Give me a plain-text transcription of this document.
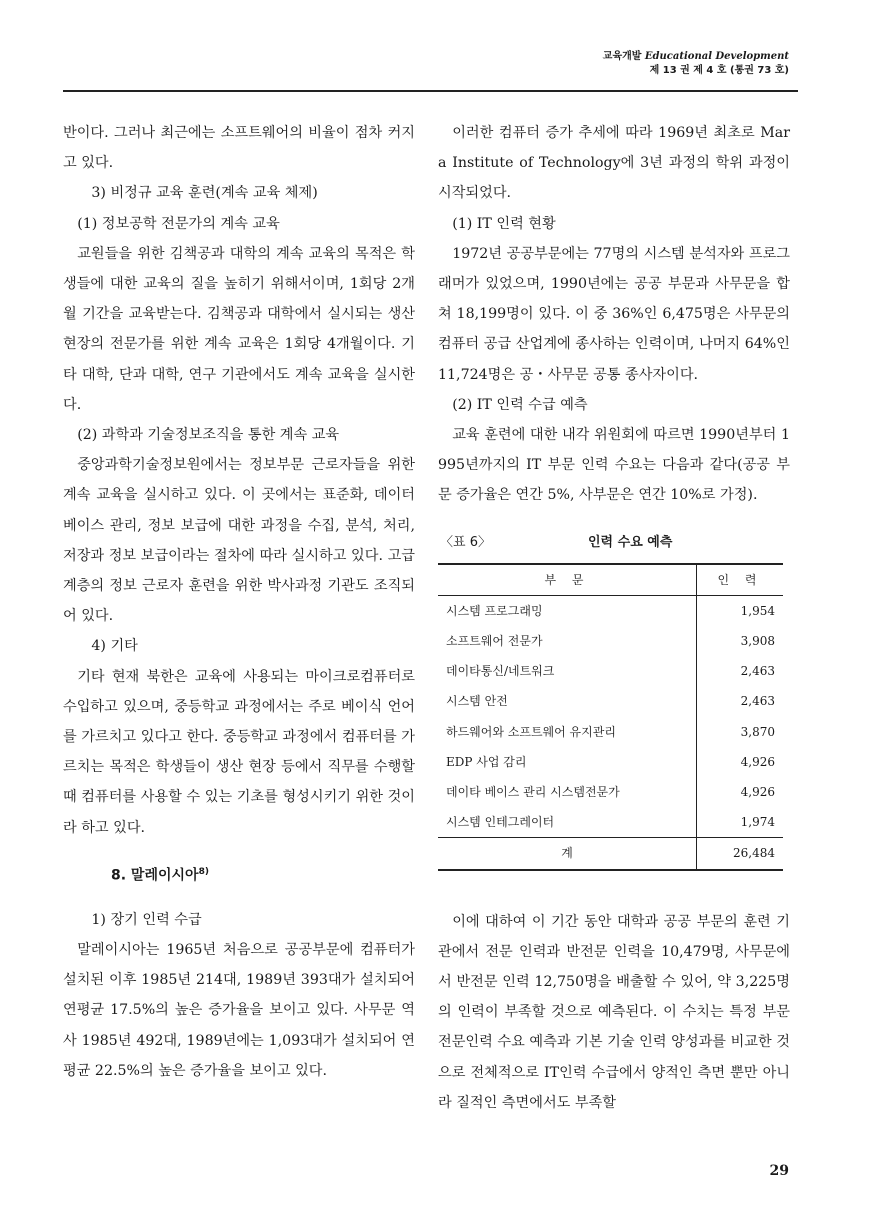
교육개발 Educational Development
제 13 권 제 4 호 (통권 73 호)

반이다. 그러나 최근에는 소프트웨어의 비율이 점차 커지고 있다.

3) 비정규 교육 훈련(계속 교육 체제)

(1) 정보공학 전문가의 계속 교육

교원들을 위한 김책공과 대학의 계속 교육의 목적은 학생들에 대한 교육의 질을 높히기 위해서이며, 1회당 2개월 기간을 교육받는다. 김책공과 대학에서 실시되는 생산 현장의 전문가를 위한 계속 교육은 1회당 4개월이다. 기타 대학, 단과 대학, 연구 기관에서도 계속 교육을 실시한다.

(2) 과학과 기술정보조직을 통한 계속 교육

중앙과학기술정보원에서는 정보부문 근로자들을 위한 계속 교육을 실시하고 있다. 이 곳에서는 표준화, 데이터베이스 관리, 정보 보급에 대한 과정을 수집, 분석, 처리, 저장과 정보 보급이라는 절차에 따라 실시하고 있다. 고급 계층의 정보 근로자 훈련을 위한 박사과정 기관도 조직되어 있다.

4) 기타

기타 현재 북한은 교육에 사용되는 마이크로컴퓨터로 수입하고 있으며, 중등학교 과정에서는 주로 베이식 언어를 가르치고 있다고 한다. 중등학교 과정에서 컴퓨터를 가르치는 목적은 학생들이 생산 현장 등에서 직무를 수행할 때 컴퓨터를 사용할 수 있는 기초를 형성시키기 위한 것이라 하고 있다.

8. 말레이시아$^{8)}$

1) 장기 인력 수급

말레이시아는 1965년 처음으로 공공부문에 컴퓨터가 설치된 이후 1985년 214대, 1989년 393대가 설치되어 연평균 17.5%의 높은 증가율을 보이고 있다. 사무문 역사 1985년 492대, 1989년에는 1,093대가 설치되어 연평균 22.5%의 높은 증가율을 보이고 있다.

이러한 컴퓨터 증가 추세에 따라 1969년 최초로 Mara Institute of Technology에 3년 과정의 학위 과정이 시작되었다.

(1) IT 인력 현황

1972년 공공부문에는 77명의 시스템 분석자와 프로그래머가 있었으며, 1990년에는 공공 부문과 사무문을 합쳐 18,199명이 있다. 이 중 36%인 6,475명은 사무문의 컴퓨터 공급 산업계에 종사하는 인력이며, 나머지 64%인 11,724명은 공・사무문 공통 종사자이다.

(2) IT 인력 수급 예측

교육 훈련에 대한 내각 위원회에 따르면 1990년부터 1995년까지의 IT 부문 인력 수요는 다음과 같다(공공 부문 증가율은 연간 5%, 사부문은 연간 10%로 가정).

〈표 6〉	인력 수요 예측
부 문	인 력
시스템 프로그래밍	1,954
소프트웨어 전문가	3,908
데이타통신/네트워크	2,463
시스템 안전	2,463
하드웨어와 소프트웨어 유지관리	3,870
EDP 사업 감리	4,926
데이타 베이스 관리 시스템전문가	4,926
시스템 인테그레이터	1,974
계	26,484

이에 대하여 이 기간 동안 대학과 공공 부문의 훈련 기관에서 전문 인력과 반전문 인력을 10,479명, 사무문에서 반전문 인력 12,750명을 배출할 수 있어, 약 3,225명의 인력이 부족할 것으로 예측된다. 이 수치는 특정 부문 전문인력 수요 예측과 기본 기술 인력 양성과를 비교한 것으로 전체적으로 IT인력 수급에서 양적인 측면 뿐만 아니라 질적인 측면에서도 부족할

29
